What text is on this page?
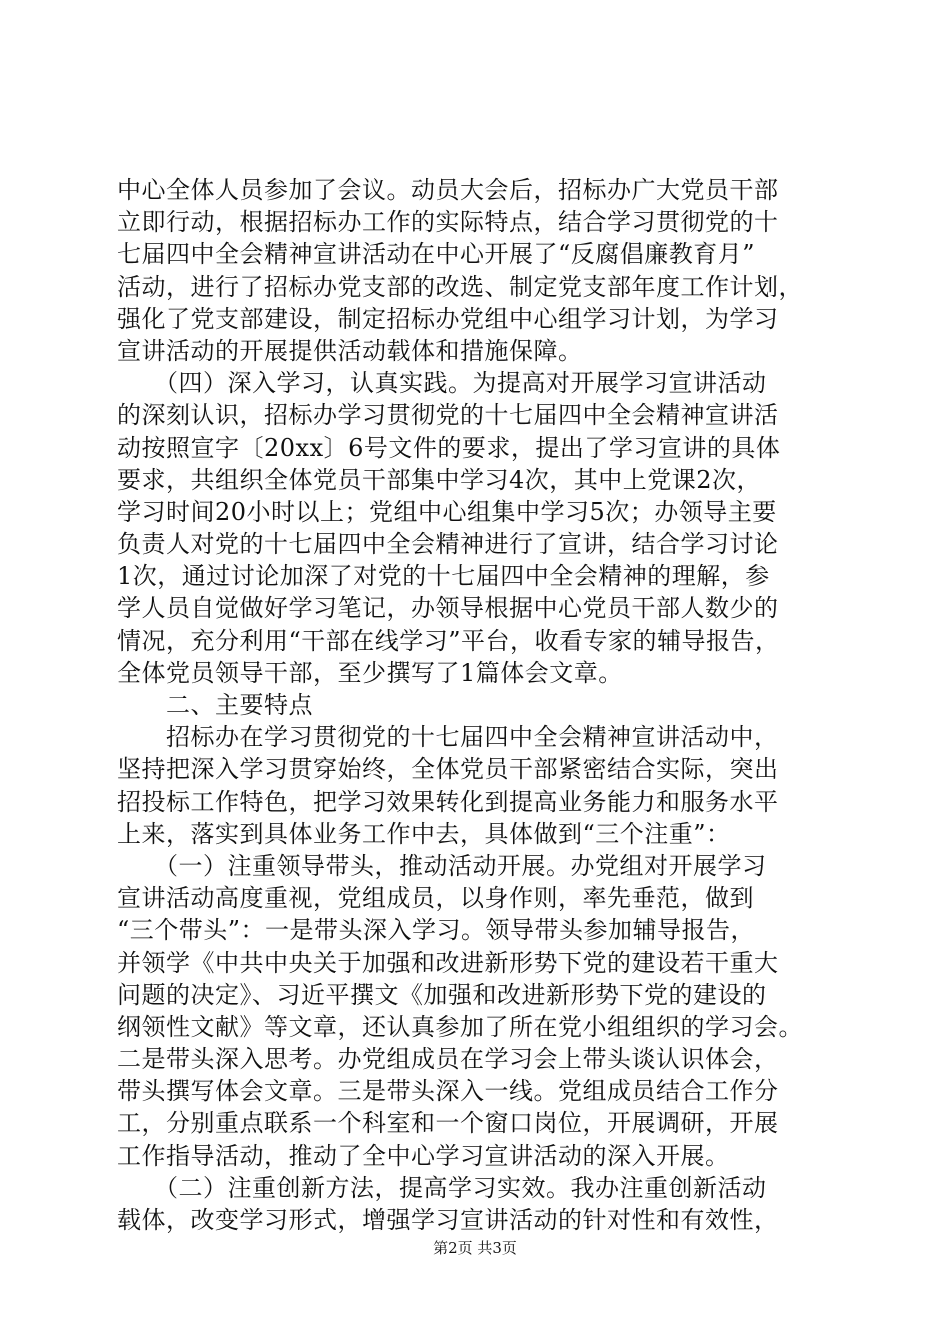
中心全体人员参加了会议。动员大会后，招标办广大党员干部
立即行动，根据招标办工作的实际特点，结合学习贯彻党的十
七届四中全会精神宣讲活动在中心开展了“反腐倡廉教育月”
活动，进行了招标办党支部的改选、制定党支部年度工作计划，
强化了党支部建设，制定招标办党组中心组学习计划，为学习
宣讲活动的开展提供活动载体和措施保障。
　　（四）深入学习，认真实践。为提高对开展学习宣讲活动
的深刻认识，招标办学习贯彻党的十七届四中全会精神宣讲活
动按照宣字〔20xx〕6号文件的要求，提出了学习宣讲的具体
要求，共组织全体党员干部集中学习4次，其中上党课2次，
学习时间20小时以上；党组中心组集中学习5次；办领导主要
负责人对党的十七届四中全会精神进行了宣讲，结合学习讨论
1次，通过讨论加深了对党的十七届四中全会精神的理解，参
学人员自觉做好学习笔记，办领导根据中心党员干部人数少的
情况，充分利用“干部在线学习”平台，收看专家的辅导报告，
全体党员领导干部，至少撰写了1篇体会文章。
　　二、主要特点
　　招标办在学习贯彻党的十七届四中全会精神宣讲活动中，
坚持把深入学习贯穿始终，全体党员干部紧密结合实际，突出
招投标工作特色，把学习效果转化到提高业务能力和服务水平
上来，落实到具体业务工作中去，具体做到“三个注重”：
　　（一）注重领导带头，推动活动开展。办党组对开展学习
宣讲活动高度重视，党组成员，以身作则，率先垂范，做到
“三个带头”：一是带头深入学习。领导带头参加辅导报告，
并领学《中共中央关于加强和改进新形势下党的建设若干重大
问题的决定》、习近平撰文《加强和改进新形势下党的建设的
纲领性文献》等文章，还认真参加了所在党小组组织的学习会。
二是带头深入思考。办党组成员在学习会上带头谈认识体会，
带头撰写体会文章。三是带头深入一线。党组成员结合工作分
工，分别重点联系一个科室和一个窗口岗位，开展调研，开展
工作指导活动，推动了全中心学习宣讲活动的深入开展。
　　（二）注重创新方法，提高学习实效。我办注重创新活动
载体，改变学习形式，增强学习宣讲活动的针对性和有效性，
第2页 共3页
